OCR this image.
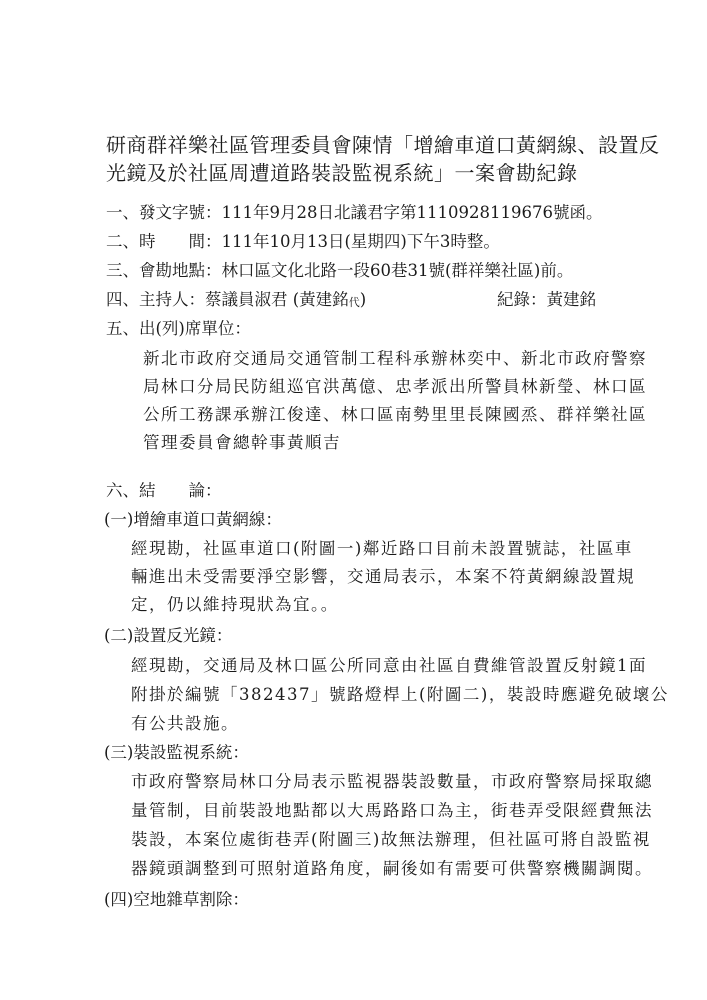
研商群祥樂社區管理委員會陳情「增繪車道口黃網線、設置反
光鏡及於社區周遭道路裝設監視系統」一案會勘紀錄
一、發文字號：111年9月28日北議君字第1110928119676號函。
二、時　　間：111年10月13日(星期四)下午3時整。
三、會勘地點：林口區文化北路一段60巷31號(群祥樂社區)前。
四、主持人：蔡議員淑君 (黃建銘代)	紀錄：黃建銘
五、出(列)席單位：
新北市政府交通局交通管制工程科承辦林奕中、新北市政府警察
局林口分局民防組巡官洪萬億、忠孝派出所警員林新瑩、林口區
公所工務課承辦江俊達、林口區南勢里里長陳國烝、群祥樂社區
管理委員會總幹事黃順吉
六、結　　論：
(一)增繪車道口黃網線：
經現勘，社區車道口(附圖一)鄰近路口目前未設置號誌，社區車
輛進出未受需要淨空影響，交通局表示，本案不符黃網線設置規
定，仍以維持現狀為宜。。
(二)設置反光鏡：
經現勘，交通局及林口區公所同意由社區自費維管設置反射鏡1面
附掛於編號「382437」號路燈桿上(附圖二)，裝設時應避免破壞公
有公共設施。
(三)裝設監視系統：
市政府警察局林口分局表示監視器裝設數量，市政府警察局採取總
量管制，目前裝設地點都以大馬路路口為主，街巷弄受限經費無法
裝設，本案位處街巷弄(附圖三)故無法辦理，但社區可將自設監視
器鏡頭調整到可照射道路角度，嗣後如有需要可供警察機關調閱。
(四)空地雜草割除：
